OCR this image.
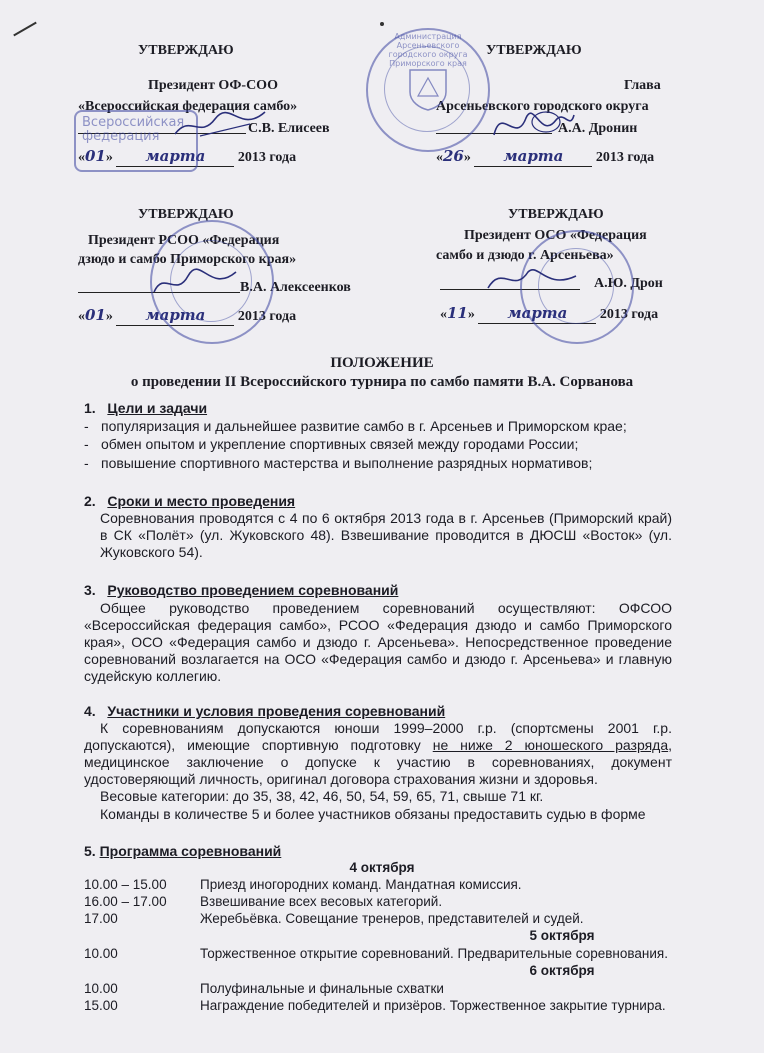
УТВЕРЖДАЮ
Президент ОФ-СОО
«Всероссийская федерация самбо»
С.В. Елисеев
«01» марта 2013 года
Всероссийская федерация
УТВЕРЖДАЮ
Глава
Арсеньевского городского округа
А.А. Дронин
«26» марта 2013 года
Администрация Арсеньевского городского округа Приморского края
УТВЕРЖДАЮ
Президент РСОО «Федерация
дзюдо и самбо Приморского края»
В.А. Алексеенков
«01» марта 2013 года
УТВЕРЖДАЮ
Президент ОСО «Федерация
самбо и дзюдо г. Арсеньева»
А.Ю. Дрон
«11» марта 2013 года
ПОЛОЖЕНИЕ
о проведении II Всероссийского турнира по самбо памяти В.А. Сорванова
1. Цели и задачи
- популяризация и дальнейшее развитие самбо в г. Арсеньев и Приморском крае;
- обмен опытом и укрепление спортивных связей между городами России;
- повышение спортивного мастерства и выполнение разрядных нормативов;
2. Сроки и место проведения
Соревнования проводятся с 4 по 6 октября 2013 года в г. Арсеньев (Приморский край) в СК «Полёт» (ул. Жуковского 48). Взвешивание проводится в ДЮСШ «Восток» (ул. Жуковского 54).
3. Руководство проведением соревнований
Общее руководство проведением соревнований осуществляют: ОФСОО «Всероссийская федерация самбо», РСОО «Федерация дзюдо и самбо Приморского края», ОСО «Федерация самбо и дзюдо г. Арсеньева». Непосредственное проведение соревнований возлагается на ОСО «Федерация самбо и дзюдо г. Арсеньева» и главную судейскую коллегию.
4. Участники и условия проведения соревнований
К соревнованиям допускаются юноши 1999–2000 г.р. (спортсмены 2001 г.р. допускаются), имеющие спортивную подготовку не ниже 2 юношеского разряда, медицинское заключение о допуске к участию в соревнованиях, документ удостоверяющий личность, оригинал договора страхования жизни и здоровья.
Весовые категории: до 35, 38, 42, 46, 50, 54, 59, 65, 71, свыше 71 кг.
Команды в количестве 5 и более участников обязаны предоставить судью в форме
5. Программа соревнований
4 октября
10.00 – 15.00 Приезд иногородних команд. Мандатная комиссия.
16.00 – 17.00 Взвешивание всех весовых категорий.
17.00	Жеребьёвка. Совещание тренеров, представителей и судей.
5 октября
10.00	Торжественное открытие соревнований. Предварительные соревнования.
6 октября
10.00	Полуфинальные и финальные схватки
15.00	Награждение победителей и призёров. Торжественное закрытие турнира.
